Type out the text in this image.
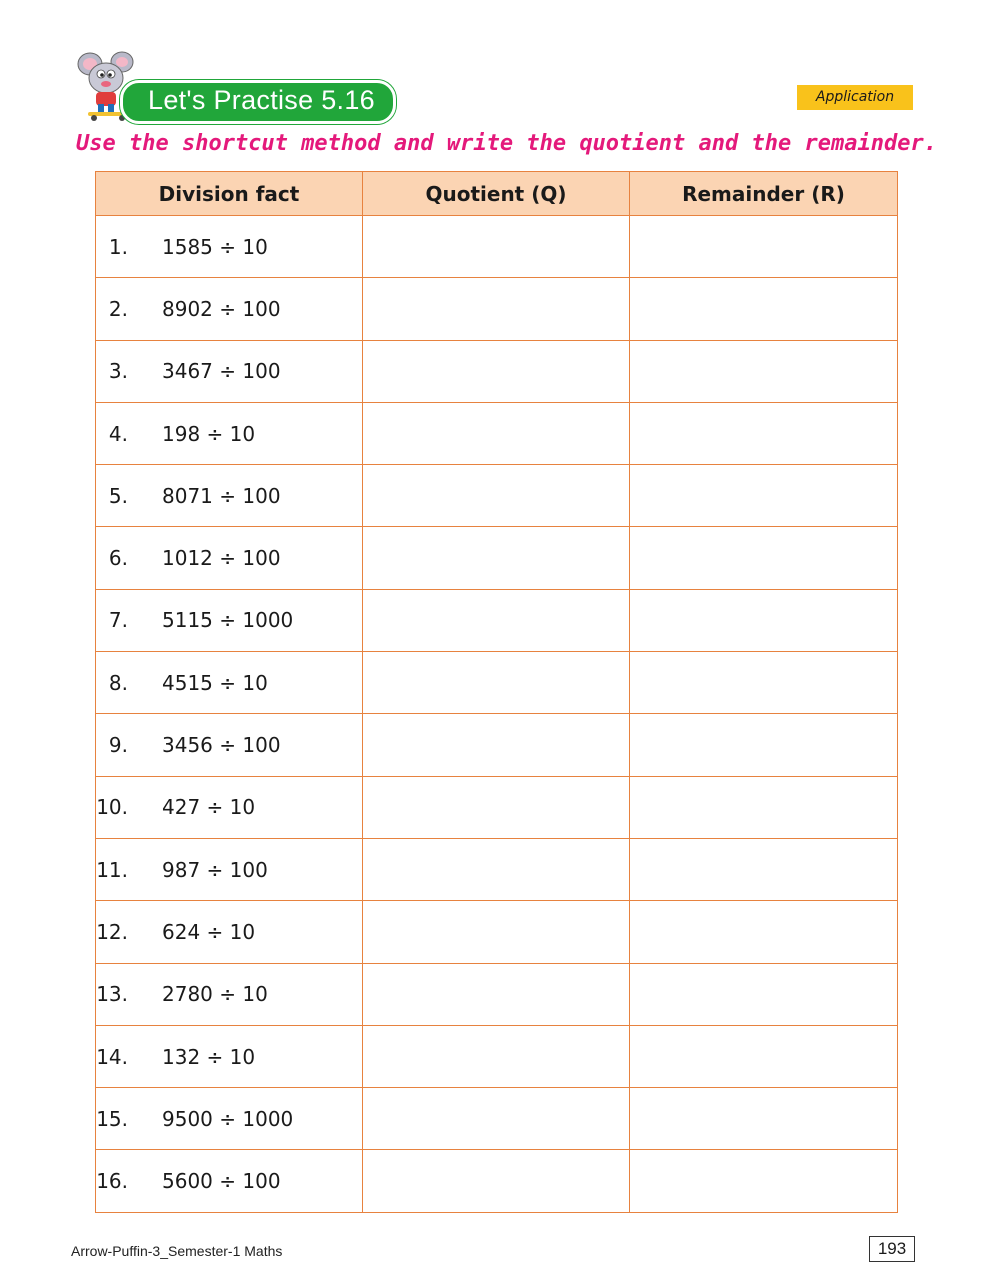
Let's Practise 5.16	Application
Use the shortcut method and write the quotient and the remainder.
Division fact	Quotient (Q)	Remainder (R)
1. 1585 ÷ 10		
2. 8902 ÷ 100		
3. 3467 ÷ 100		
4. 198 ÷ 10		
5. 8071 ÷ 100		
6. 1012 ÷ 100		
7. 5115 ÷ 1000		
8. 4515 ÷ 10		
9. 3456 ÷ 100		
10. 427 ÷ 10		
11. 987 ÷ 100		
12. 624 ÷ 10		
13. 2780 ÷ 10		
14. 132 ÷ 10		
15. 9500 ÷ 1000		
16. 5600 ÷ 100		
Arrow-Puffin-3_Semester-1 Maths	193
